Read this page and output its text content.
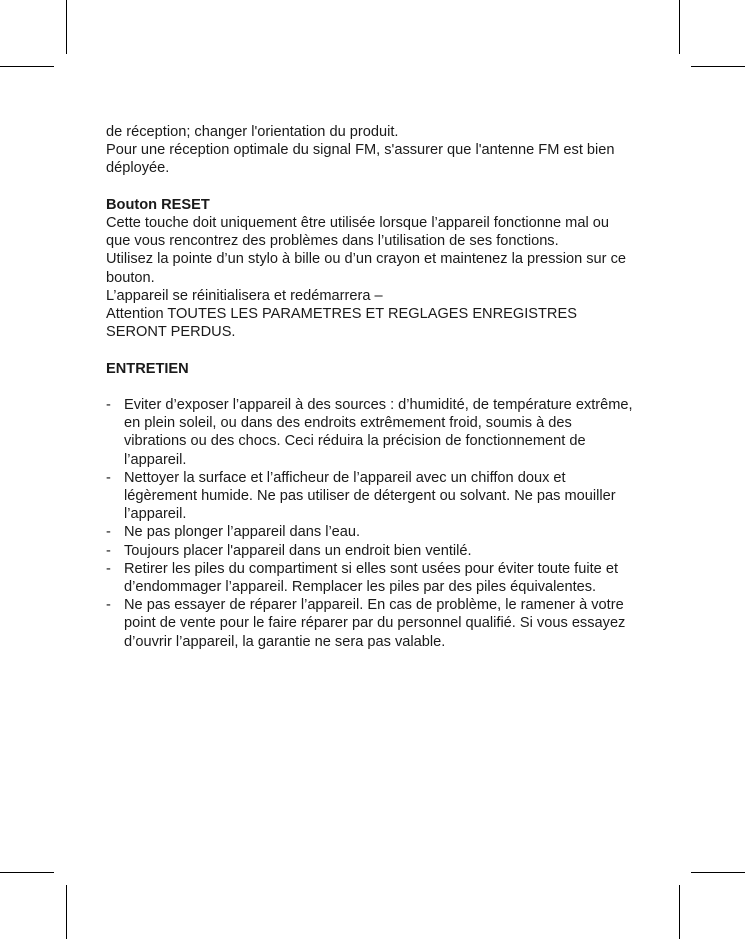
de réception; changer l'orientation du produit.

Pour une réception optimale du signal FM, s'assurer que l'antenne FM est bien déployée.

Bouton RESET

Cette touche doit uniquement être utilisée lorsque l’appareil fonctionne mal ou que vous rencontrez des problèmes dans l’utilisation de ses fonctions.

Utilisez la pointe d’un stylo à bille ou d’un crayon et maintenez la pression sur ce bouton.

L’appareil se réinitialisera et redémarrera –

Attention TOUTES LES PARAMETRES ET REGLAGES ENREGISTRES SERONT PERDUS.

ENTRETIEN

- Eviter d’exposer l’appareil à des sources : d’humidité, de température extrême, en plein soleil, ou dans des endroits extrêmement froid, soumis à des vibrations ou des chocs. Ceci réduira la précision de fonctionnement de l’appareil.
- Nettoyer la surface et l’afficheur de l’appareil avec un chiffon doux et légèrement humide. Ne pas utiliser de détergent ou solvant. Ne pas mouiller l’appareil.
- Ne pas plonger l’appareil dans l’eau.
- Toujours placer l'appareil dans un endroit bien ventilé.
- Retirer les piles du compartiment si elles sont usées pour éviter toute fuite et d’endommager l’appareil. Remplacer les piles par des piles équivalentes.
- Ne pas essayer de réparer l’appareil. En cas de problème, le ramener à votre point de vente pour le faire réparer par du personnel qualifié. Si vous essayez d’ouvrir l’appareil, la garantie ne sera pas valable.
